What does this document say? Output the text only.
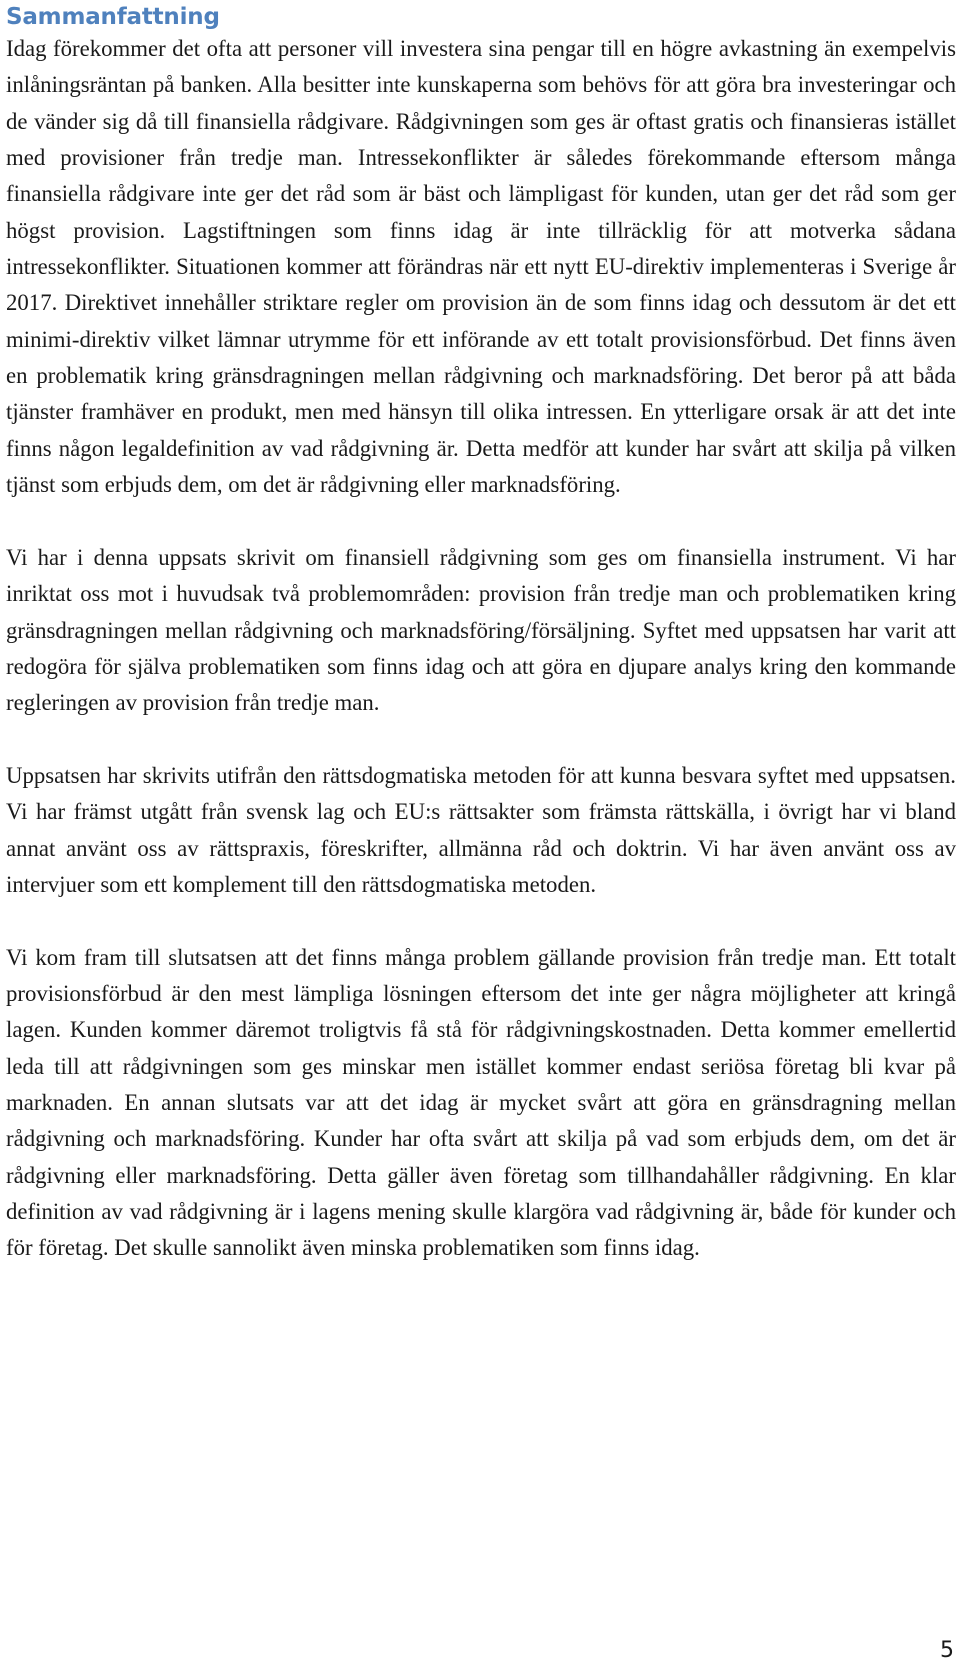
Sammanfattning

Idag förekommer det ofta att personer vill investera sina pengar till en högre avkastning än exempelvis inlåningsräntan på banken. Alla besitter inte kunskaperna som behövs för att göra bra investeringar och de vänder sig då till finansiella rådgivare. Rådgivningen som ges är oftast gratis och finansieras istället med provisioner från tredje man. Intressekonflikter är således förekommande eftersom många finansiella rådgivare inte ger det råd som är bäst och lämpligast för kunden, utan ger det råd som ger högst provision. Lagstiftningen som finns idag är inte tillräcklig för att motverka sådana intressekonflikter. Situationen kommer att förändras när ett nytt EU-direktiv implementeras i Sverige år 2017. Direktivet innehåller striktare regler om provision än de som finns idag och dessutom är det ett minimi-direktiv vilket lämnar utrymme för ett införande av ett totalt provisionsförbud. Det finns även en problematik kring gränsdragningen mellan rådgivning och marknadsföring. Det beror på att båda tjänster framhäver en produkt, men med hänsyn till olika intressen. En ytterligare orsak är att det inte finns någon legaldefinition av vad rådgivning är. Detta medför att kunder har svårt att skilja på vilken tjänst som erbjuds dem, om det är rådgivning eller marknadsföring.

Vi har i denna uppsats skrivit om finansiell rådgivning som ges om finansiella instrument. Vi har inriktat oss mot i huvudsak två problemområden: provision från tredje man och problematiken kring gränsdragningen mellan rådgivning och marknadsföring/försäljning. Syftet med uppsatsen har varit att redogöra för själva problematiken som finns idag och att göra en djupare analys kring den kommande regleringen av provision från tredje man.

Uppsatsen har skrivits utifrån den rättsdogmatiska metoden för att kunna besvara syftet med uppsatsen. Vi har främst utgått från svensk lag och EU:s rättsakter som främsta rättskälla, i övrigt har vi bland annat använt oss av rättspraxis, föreskrifter, allmänna råd och doktrin. Vi har även använt oss av intervjuer som ett komplement till den rättsdogmatiska metoden.

Vi kom fram till slutsatsen att det finns många problem gällande provision från tredje man. Ett totalt provisionsförbud är den mest lämpliga lösningen eftersom det inte ger några möjligheter att kringå lagen. Kunden kommer däremot troligtvis få stå för rådgivningskostnaden. Detta kommer emellertid leda till att rådgivningen som ges minskar men istället kommer endast seriösa företag bli kvar på marknaden. En annan slutsats var att det idag är mycket svårt att göra en gränsdragning mellan rådgivning och marknadsföring. Kunder har ofta svårt att skilja på vad som erbjuds dem, om det är rådgivning eller marknadsföring. Detta gäller även företag som tillhandahåller rådgivning. En klar definition av vad rådgivning är i lagens mening skulle klargöra vad rådgivning är, både för kunder och för företag. Det skulle sannolikt även minska problematiken som finns idag.

5
